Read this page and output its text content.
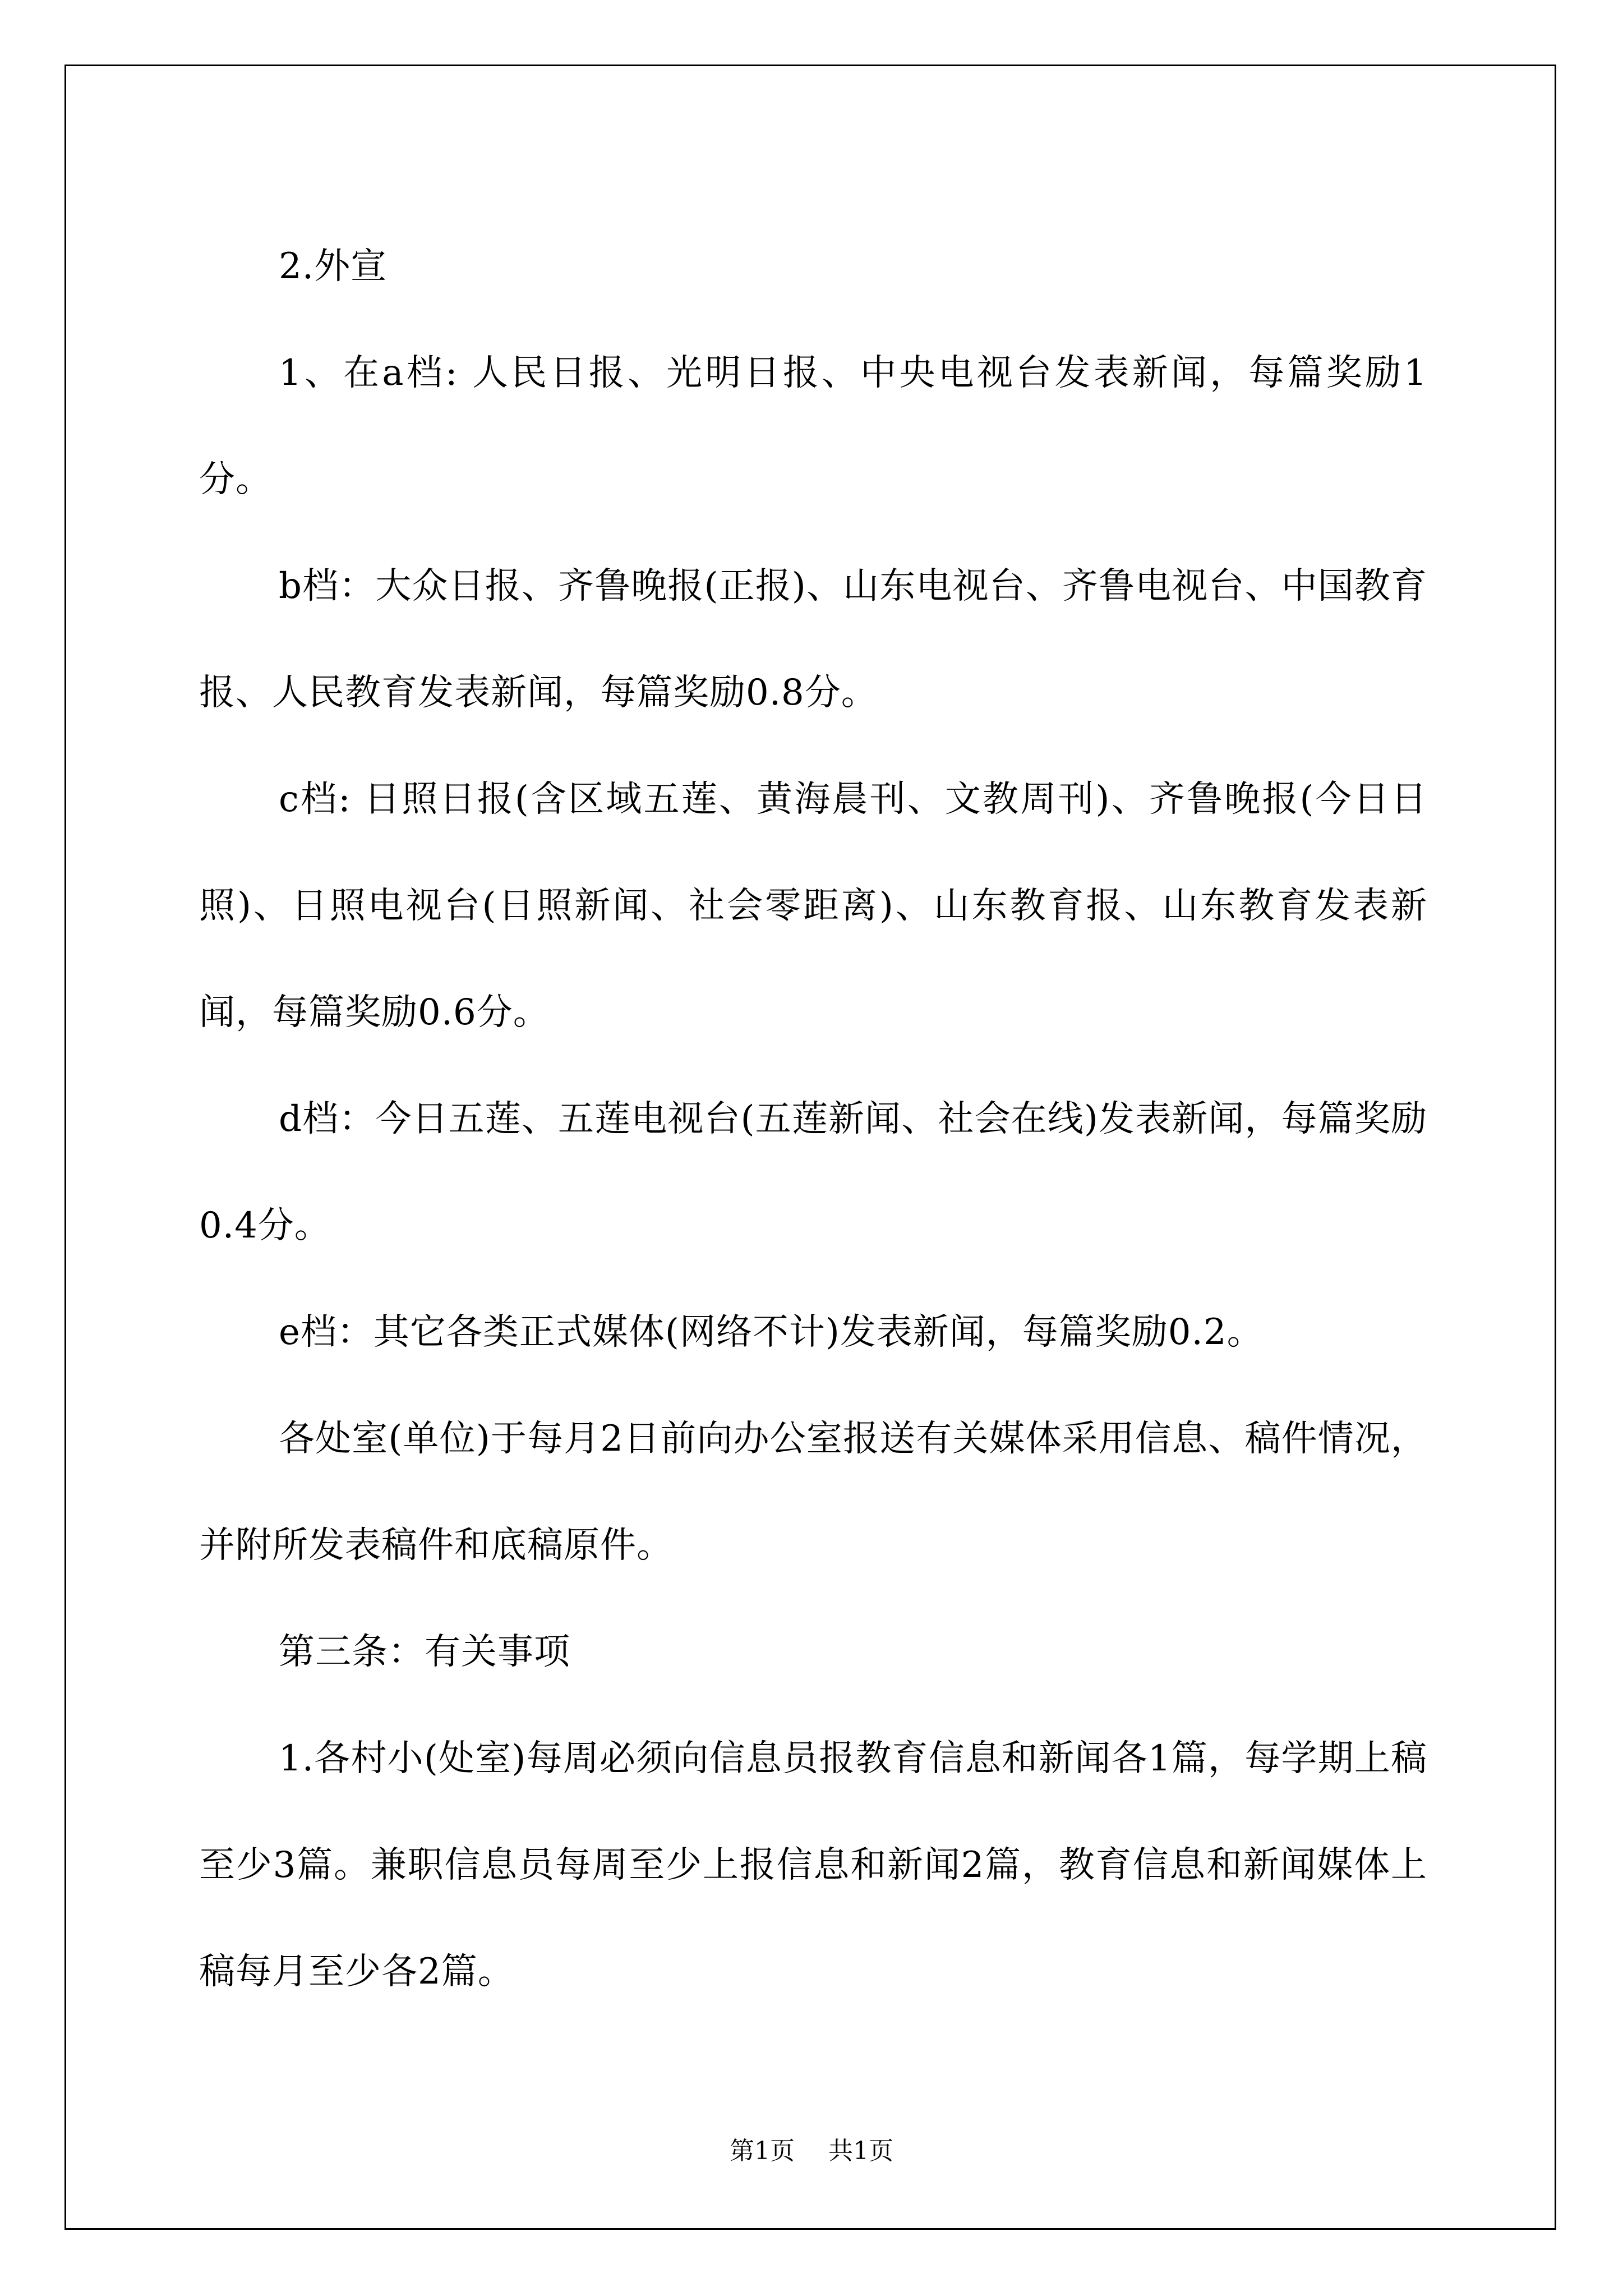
2.外宣

1、在a档: 人民日报、光明日报、中央电视台发表新闻，每篇奖励1分。

b档：大众日报、齐鲁晚报(正报)、山东电视台、齐鲁电视台、中国教育报、人民教育发表新闻，每篇奖励0.8分。

c档: 日照日报(含区域五莲、黄海晨刊、文教周刊)、齐鲁晚报(今日日照)、日照电视台(日照新闻、社会零距离)、山东教育报、山东教育发表新闻，每篇奖励0.6分。

d档：今日五莲、五莲电视台(五莲新闻、社会在线)发表新闻，每篇奖励0.4分。

e档：其它各类正式媒体(网络不计)发表新闻，每篇奖励0.2。

各处室(单位)于每月2日前向办公室报送有关媒体采用信息、稿件情况，并附所发表稿件和底稿原件。

第三条：有关事项

1.各村小(处室)每周必须向信息员报教育信息和新闻各1篇，每学期上稿至少3篇。兼职信息员每周至少上报信息和新闻2篇，教育信息和新闻媒体上稿每月至少各2篇。

第1页 共1页
